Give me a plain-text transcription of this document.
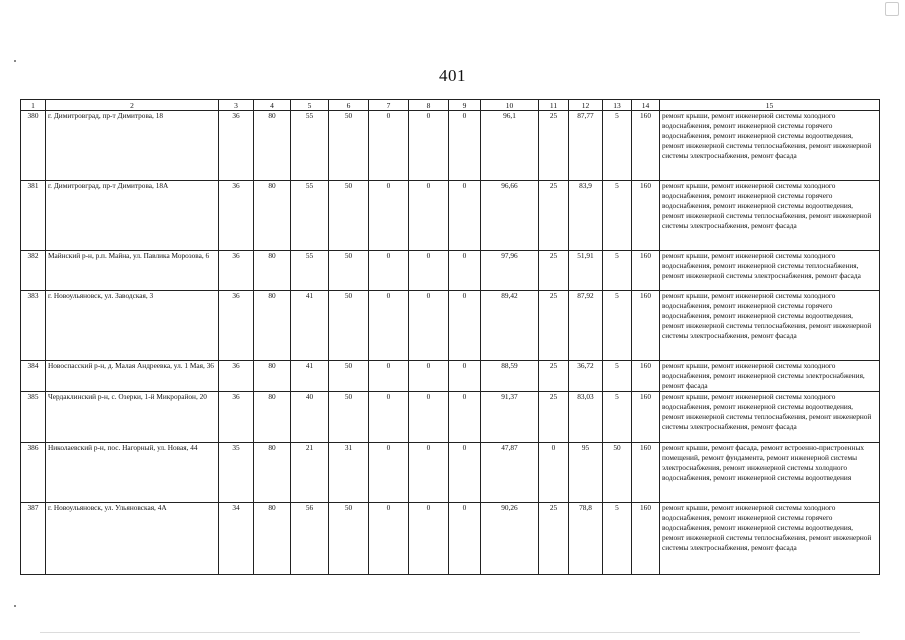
401
1	2	3	4	5	6	7	8	9	10	11	12	13	14	15
380	г. Димитровград, пр-т Димитрова, 18	36	80	55	50	0	0	0	96,1	25	87,77	5	160	ремонт крыши, ремонт инженерной системы холодного водоснабжения, ремонт инженерной системы горячего водоснабжения, ремонт инженерной системы водоотведения, ремонт инженерной системы теплоснабжения, ремонт инженерной системы электроснабжения, ремонт фасада
381	г. Димитровград, пр-т Димитрова, 18А	36	80	55	50	0	0	0	96,66	25	83,9	5	160	ремонт крыши, ремонт инженерной системы холодного водоснабжения, ремонт инженерной системы горячего водоснабжения, ремонт инженерной системы водоотведения, ремонт инженерной системы теплоснабжения, ремонт инженерной системы электроснабжения, ремонт фасада
382	Майнский р-н, р.п. Майна, ул. Павлика Морозова, 6	36	80	55	50	0	0	0	97,96	25	51,91	5	160	ремонт крыши, ремонт инженерной системы холодного водоснабжения, ремонт инженерной системы теплоснабжения, ремонт инженерной системы электроснабжения, ремонт фасада
383	г. Новоульяновск, ул. Заводская, 3	36	80	41	50	0	0	0	89,42	25	87,92	5	160	ремонт крыши, ремонт инженерной системы холодного водоснабжения, ремонт инженерной системы горячего водоснабжения, ремонт инженерной системы водоотведения, ремонт инженерной системы теплоснабжения, ремонт инженерной системы электроснабжения, ремонт фасада
384	Новоспасский р-н, д. Малая Андреевка, ул. 1 Мая, 36	36	80	41	50	0	0	0	88,59	25	36,72	5	160	ремонт крыши, ремонт инженерной системы холодного водоснабжения, ремонт инженерной системы электроснабжения, ремонт фасада
385	Чердаклинский р-н, с. Озерки, 1-й Микрорайон, 20	36	80	40	50	0	0	0	91,37	25	83,03	5	160	ремонт крыши, ремонт инженерной системы холодного водоснабжения, ремонт инженерной системы водоотведения, ремонт инженерной системы теплоснабжения, ремонт инженерной системы электроснабжения, ремонт фасада
386	Николаевский р-н, пос. Нагорный, ул. Новая, 44	35	80	21	31	0	0	0	47,87	0	95	50	160	ремонт крыши, ремонт фасада, ремонт встроенно-пристроенных помещений, ремонт фундамента, ремонт инженерной системы электроснабжения, ремонт инженерной системы холодного водоснабжения, ремонт инженерной системы водоотведения
387	г. Новоульяновск, ул. Ульяновская, 4А	34	80	56	50	0	0	0	90,26	25	78,8	5	160	ремонт крыши, ремонт инженерной системы холодного водоснабжения, ремонт инженерной системы горячего водоснабжения, ремонт инженерной системы водоотведения, ремонт инженерной системы теплоснабжения, ремонт инженерной системы электроснабжения, ремонт фасада
